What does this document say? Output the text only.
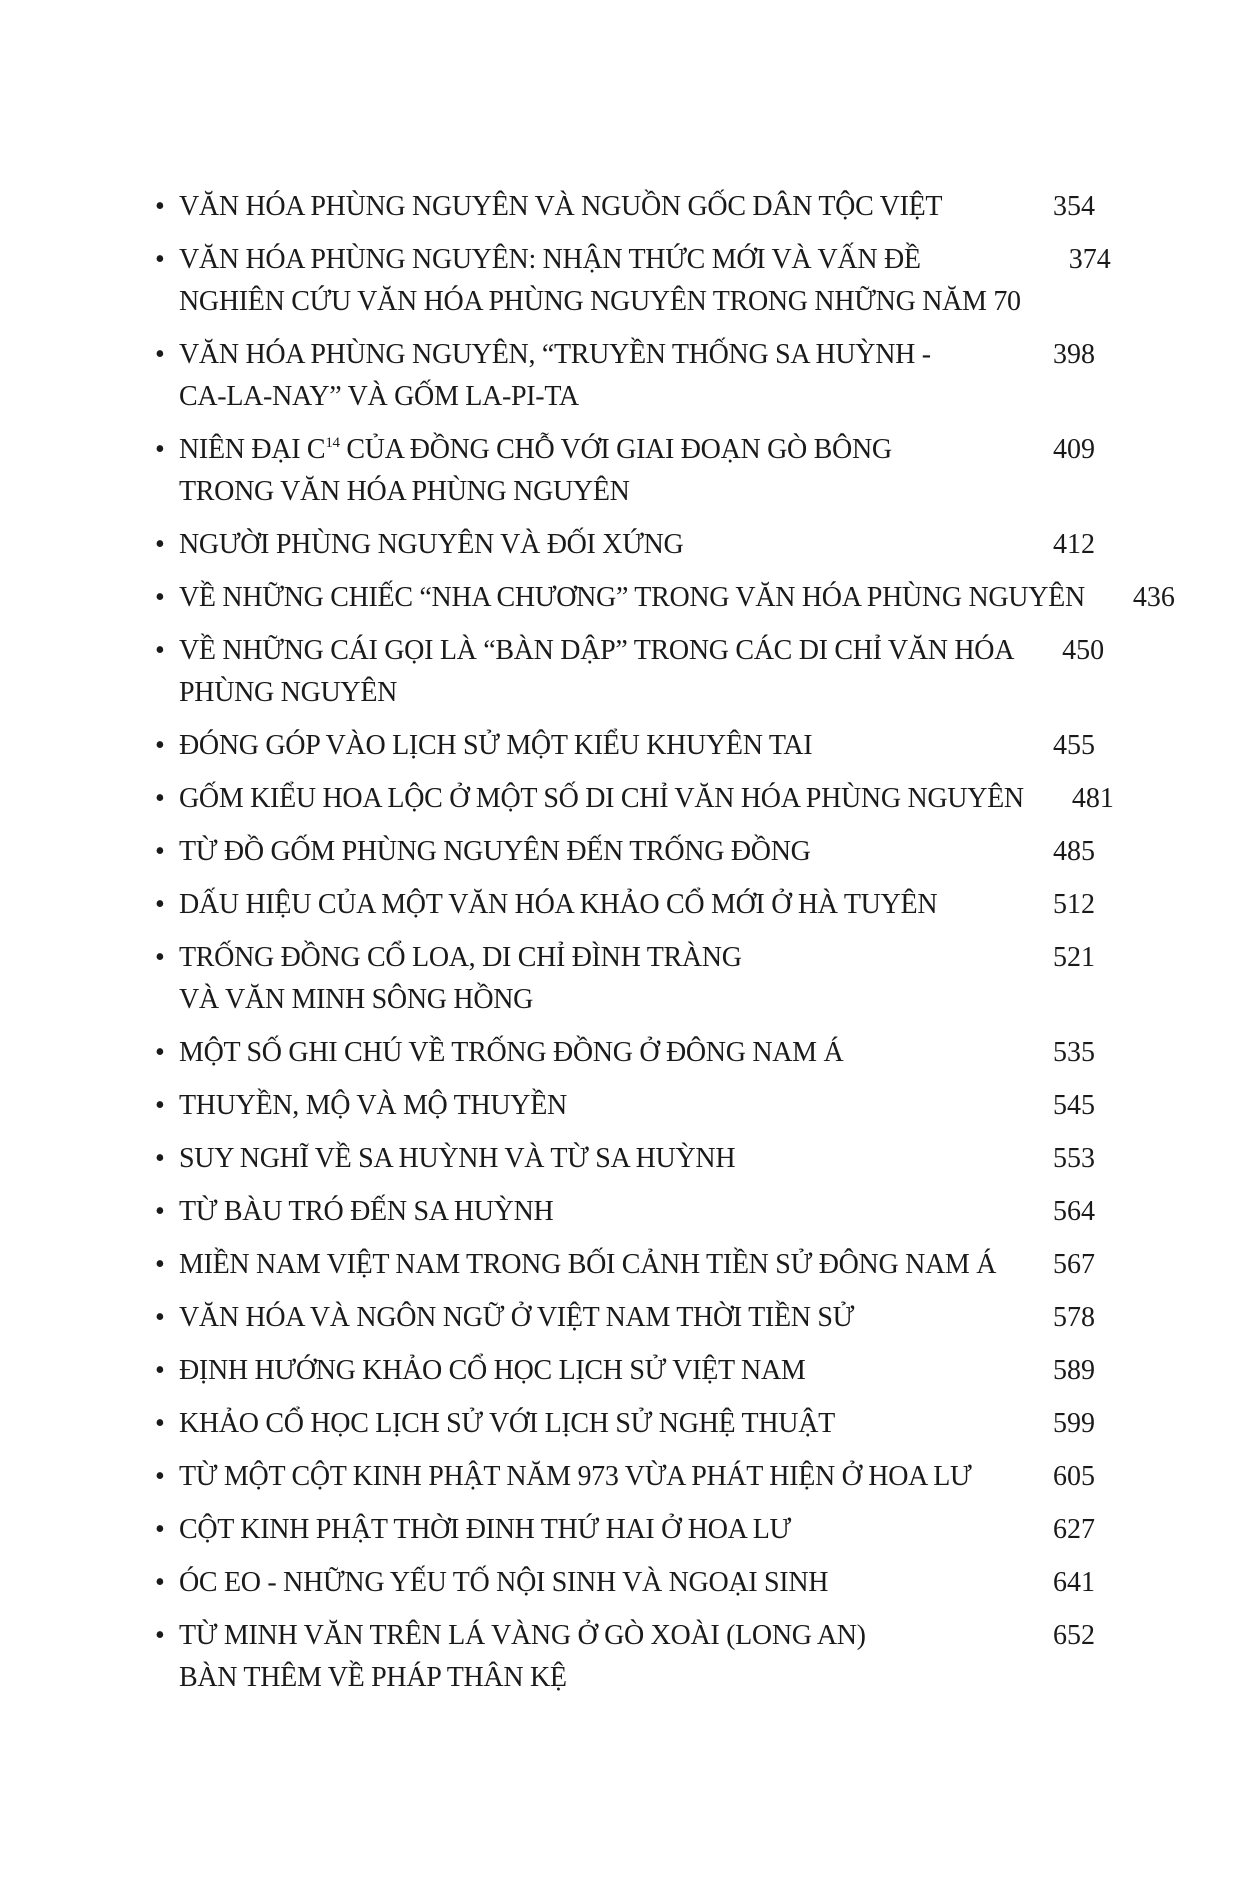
• VĂN HÓA PHÙNG NGUYÊN VÀ NGUỒN GỐC DÂN TỘC VIỆT	354
• VĂN HÓA PHÙNG NGUYÊN: NHẬN THỨC MỚI VÀ VẤN ĐỀ
NGHIÊN CỨU VĂN HÓA PHÙNG NGUYÊN TRONG NHỮNG NĂM 70
374
• VĂN HÓA PHÙNG NGUYÊN, “TRUYỀN THỐNG SA HUỲNH -
CA-LA-NAY” VÀ GỐM LA-PI-TA
398
• NIÊN ĐẠI $C^{14}$ CỦA ĐỒNG CHỖ VỚI GIAI ĐOẠN GÒ BÔNG
TRONG VĂN HÓA PHÙNG NGUYÊN
409
• NGƯỜI PHÙNG NGUYÊN VÀ ĐỐI XỨNG	412
• VỀ NHỮNG CHIẾC “NHA CHƯƠNG” TRONG VĂN HÓA PHÙNG NGUYÊN	436
• VỀ NHỮNG CÁI GỌI LÀ “BÀN DẬP” TRONG CÁC DI CHỈ VĂN HÓA
PHÙNG NGUYÊN
450
• ĐÓNG GÓP VÀO LỊCH SỬ MỘT KIỂU KHUYÊN TAI	455
• GỐM KIỂU HOA LỘC Ở MỘT SỐ DI CHỈ VĂN HÓA PHÙNG NGUYÊN	481
• TỪ ĐỒ GỐM PHÙNG NGUYÊN ĐẾN TRỐNG ĐỒNG	485
• DẤU HIỆU CỦA MỘT VĂN HÓA KHẢO CỔ MỚI Ở HÀ TUYÊN	512
• TRỐNG ĐỒNG CỔ LOA, DI CHỈ ĐÌNH TRÀNG
VÀ VĂN MINH SÔNG HỒNG
521
• MỘT SỐ GHI CHÚ VỀ TRỐNG ĐỒNG Ở ĐÔNG NAM Á	535
• THUYỀN, MỘ VÀ MỘ THUYỀN	545
• SUY NGHĨ VỀ SA HUỲNH VÀ TỪ SA HUỲNH	553
• TỪ BÀU TRÓ ĐẾN SA HUỲNH	564
• MIỀN NAM VIỆT NAM TRONG BỐI CẢNH TIỀN SỬ ĐÔNG NAM Á	567
• VĂN HÓA VÀ NGÔN NGỮ Ở VIỆT NAM THỜI TIỀN SỬ	578
• ĐỊNH HƯỚNG KHẢO CỔ HỌC LỊCH SỬ VIỆT NAM	589
• KHẢO CỔ HỌC LỊCH SỬ VỚI LỊCH SỬ NGHỆ THUẬT	599
• TỪ MỘT CỘT KINH PHẬT NĂM 973 VỪA PHÁT HIỆN Ở HOA LƯ	605
• CỘT KINH PHẬT THỜI ĐINH THỨ HAI Ở HOA LƯ	627
• ÓC EO - NHỮNG YẾU TỐ NỘI SINH VÀ NGOẠI SINH	641
• TỪ MINH VĂN TRÊN LÁ VÀNG Ở GÒ XOÀI (LONG AN)
BÀN THÊM VỀ PHÁP THÂN KỆ
652
